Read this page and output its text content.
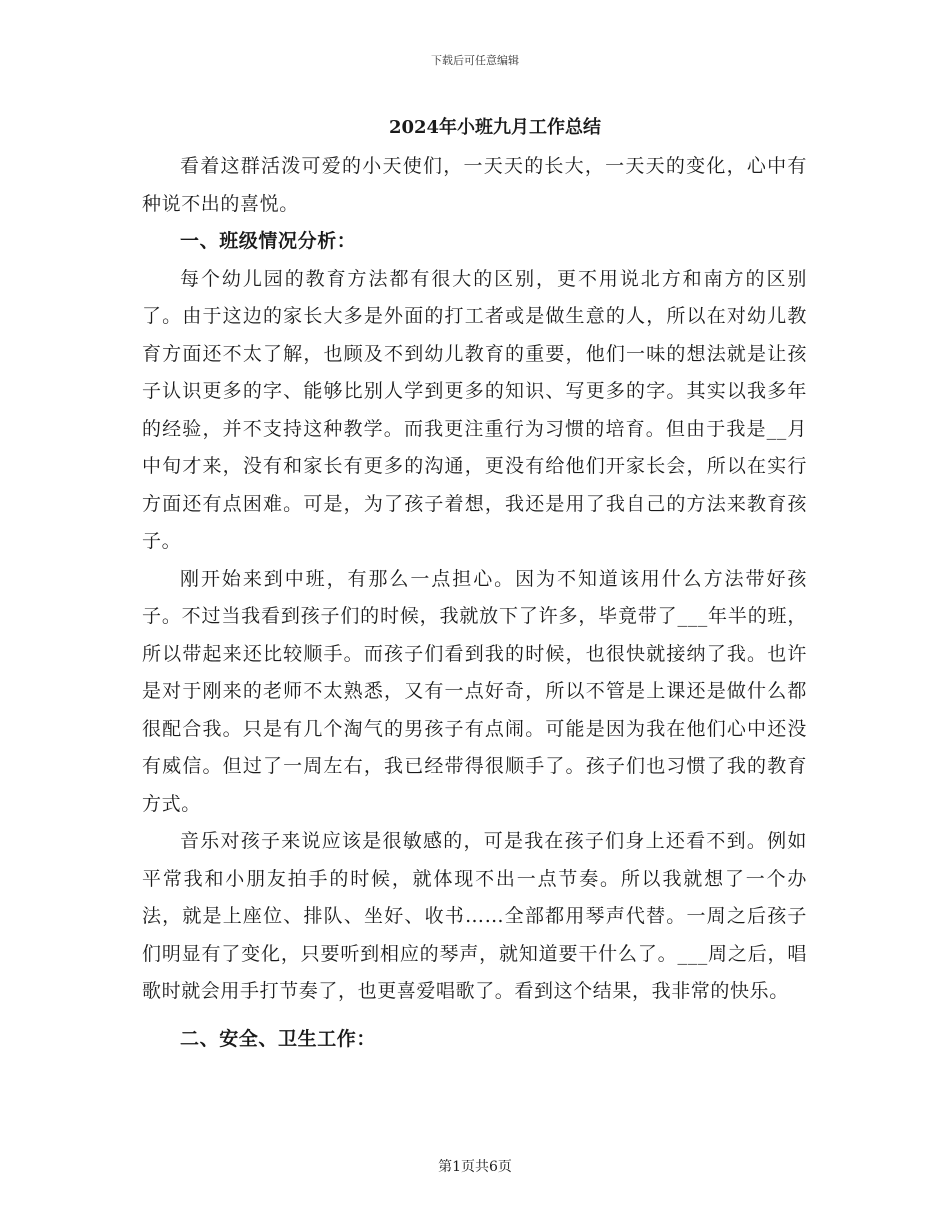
下载后可任意编辑
2024年小班九月工作总结

看着这群活泼可爱的小天使们，一天天的长大，一天天的变化，心中有种说不出的喜悦。

一、班级情况分析：

每个幼儿园的教育方法都有很大的区别，更不用说北方和南方的区别了。由于这边的家长大多是外面的打工者或是做生意的人，所以在对幼儿教育方面还不太了解，也顾及不到幼儿教育的重要，他们一味的想法就是让孩子认识更多的字、能够比别人学到更多的知识、写更多的字。其实以我多年的经验，并不支持这种教学。而我更注重行为习惯的培育。但由于我是__月中旬才来，没有和家长有更多的沟通，更没有给他们开家长会，所以在实行方面还有点困难。可是，为了孩子着想，我还是用了我自己的方法来教育孩子。

刚开始来到中班，有那么一点担心。因为不知道该用什么方法带好孩子。不过当我看到孩子们的时候，我就放下了许多，毕竟带了___年半的班，所以带起来还比较顺手。而孩子们看到我的时候，也很快就接纳了我。也许是对于刚来的老师不太熟悉，又有一点好奇，所以不管是上课还是做什么都很配合我。只是有几个淘气的男孩子有点闹。可能是因为我在他们心中还没有威信。但过了一周左右，我已经带得很顺手了。孩子们也习惯了我的教育方式。

音乐对孩子来说应该是很敏感的，可是我在孩子们身上还看不到。例如平常我和小朋友拍手的时候，就体现不出一点节奏。所以我就想了一个办法，就是上座位、排队、坐好、收书……全部都用琴声代替。一周之后孩子们明显有了变化，只要听到相应的琴声，就知道要干什么了。___周之后，唱歌时就会用手打节奏了，也更喜爱唱歌了。看到这个结果，我非常的快乐。

二、安全、卫生工作：

第1页共6页
